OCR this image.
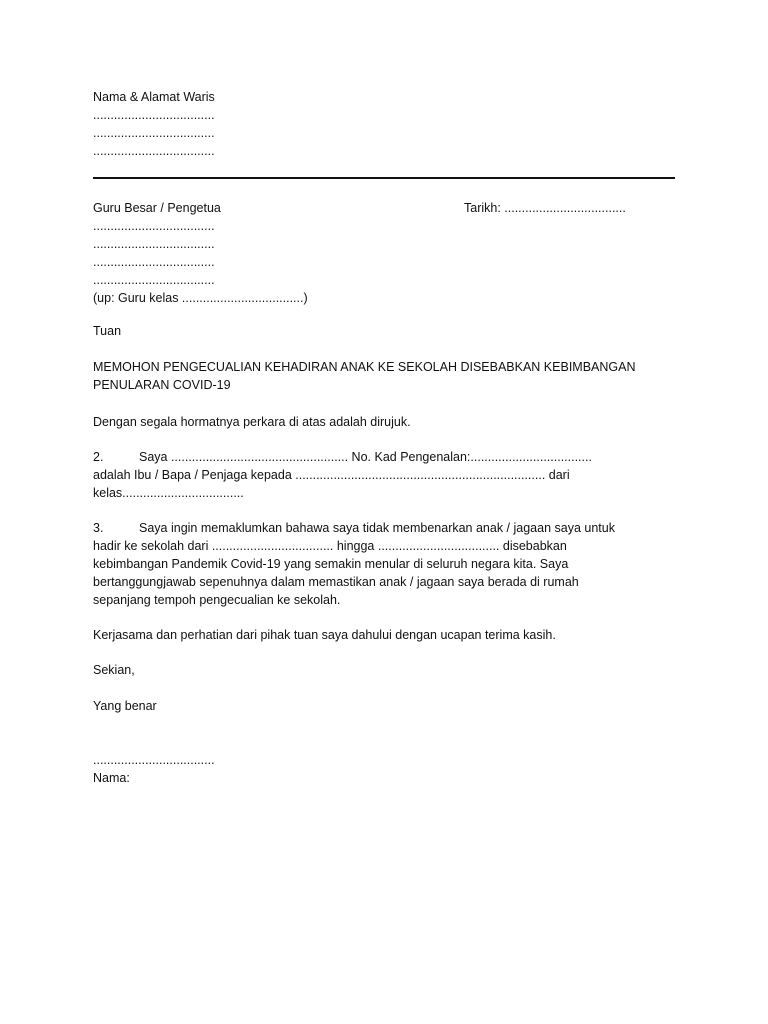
Nama & Alamat Waris
...................................
...................................
...................................
Guru Besar / Pengetua
...................................
...................................
...................................
...................................
(up: Guru kelas ...................................)
Tarikh: ...................................
Tuan
MEMOHON PENGECUALIAN KEHADIRAN ANAK KE SEKOLAH DISEBABKAN KEBIMBANGAN
PENULARAN COVID-19
Dengan segala hormatnya perkara di atas adalah dirujuk.
2.	Saya ................................................... No. Kad Pengenalan:...................................
adalah Ibu / Bapa / Penjaga kepada ........................................................................ dari
kelas...................................
3.	Saya ingin memaklumkan bahawa saya tidak membenarkan anak / jagaan saya untuk
hadir ke sekolah dari ................................... hingga ................................... disebabkan
kebimbangan Pandemik Covid-19 yang semakin menular di seluruh negara kita. Saya
bertanggungjawab sepenuhnya dalam memastikan anak / jagaan saya berada di rumah
sepanjang tempoh pengecualian ke sekolah.
Kerjasama dan perhatian dari pihak tuan saya dahului dengan ucapan terima kasih.
Sekian,
Yang benar
...................................
Nama:
